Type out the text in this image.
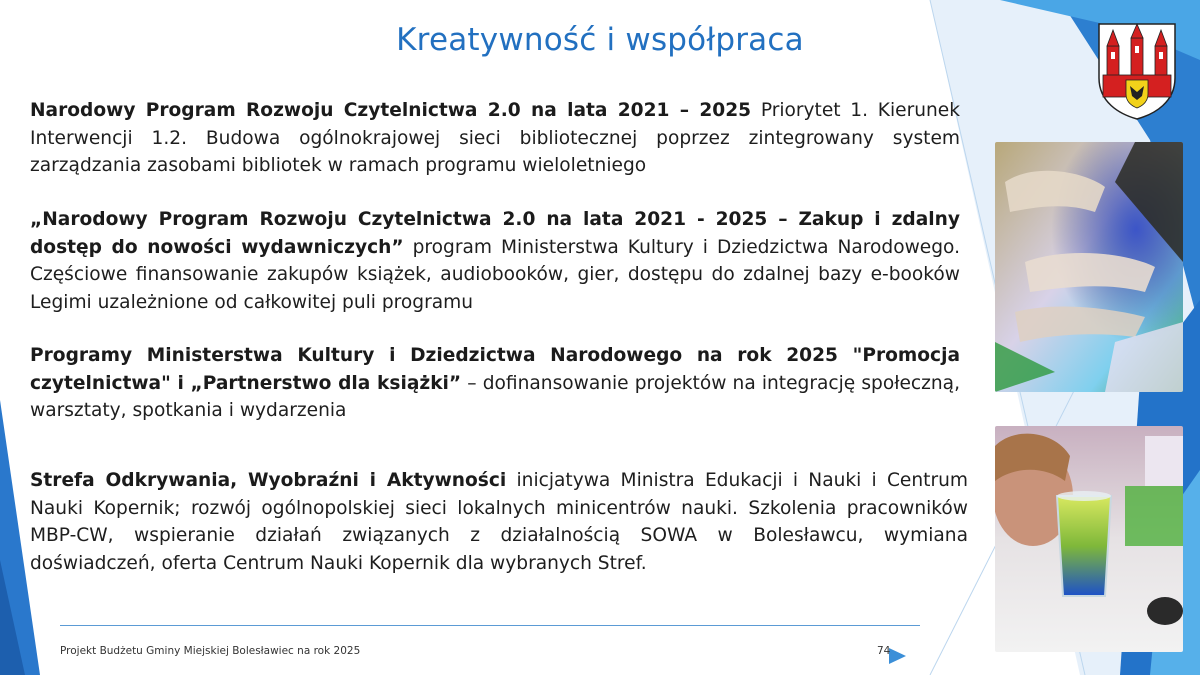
Kreatywność i współpraca

Narodowy Program Rozwoju Czytelnictwa 2.0 na lata 2021 – 2025 Priorytet 1. Kierunek Interwencji 1.2. Budowa ogólnokrajowej sieci bibliotecznej poprzez zintegrowany system zarządzania zasobami bibliotek w ramach programu wieloletniego

„Narodowy Program Rozwoju Czytelnictwa 2.0 na lata 2021 - 2025 – Zakup i zdalny dostęp do nowości wydawniczych” program Ministerstwa Kultury i Dziedzictwa Narodowego. Częściowe finansowanie zakupów książek, audiobooków, gier, dostępu do zdalnej bazy e-booków Legimi uzależnione od całkowitej puli programu

Programy Ministerstwa Kultury i Dziedzictwa Narodowego na rok 2025 "Promocja czytelnictwa" i „Partnerstwo dla książki” – dofinansowanie projektów na integrację społeczną, warsztaty, spotkania i wydarzenia

Strefa Odkrywania, Wyobraźni i Aktywności inicjatywa Ministra Edukacji i Nauki i Centrum Nauki Kopernik; rozwój ogólnopolskiej sieci lokalnych minicentrów nauki. Szkolenia pracowników MBP-CW, wspieranie działań związanych z działalnością SOWA w Bolesławcu, wymiana doświadczeń, oferta Centrum Nauki Kopernik dla wybranych Stref.

Projekt Budżetu Gminy Miejskiej Bolesławiec na rok 2025	74
